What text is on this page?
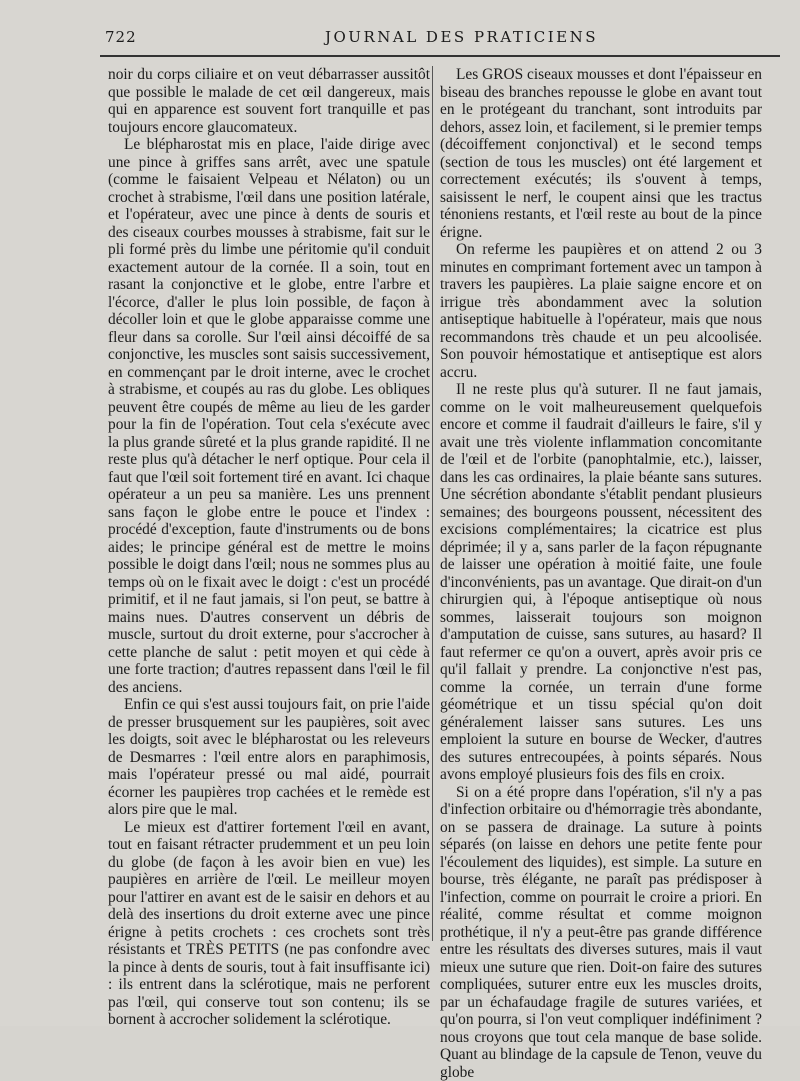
722	JOURNAL DES PRATICIENS

noir du corps ciliaire et on veut débarrasser aussitôt que possible le malade de cet œil dangereux, mais qui en apparence est souvent fort tranquille et pas toujours encore glaucomateux.

Le blépharostat mis en place, l'aide dirige avec une pince à griffes sans arrêt, avec une spatule (comme le faisaient Velpeau et Nélaton) ou un crochet à strabisme, l'œil dans une position latérale, et l'opérateur, avec une pince à dents de souris et des ciseaux courbes mousses à strabisme, fait sur le pli formé près du limbe une péritomie qu'il conduit exactement autour de la cornée. Il a soin, tout en rasant la conjonctive et le globe, entre l'arbre et l'écorce, d'aller le plus loin possible, de façon à décoller loin et que le globe apparaisse comme une fleur dans sa corolle. Sur l'œil ainsi décoiffé de sa conjonctive, les muscles sont saisis successivement, en commençant par le droit interne, avec le crochet à strabisme, et coupés au ras du globe. Les obliques peuvent être coupés de même au lieu de les garder pour la fin de l'opération. Tout cela s'exécute avec la plus grande sûreté et la plus grande rapidité. Il ne reste plus qu'à détacher le nerf optique. Pour cela il faut que l'œil soit fortement tiré en avant. Ici chaque opérateur a un peu sa manière. Les uns prennent sans façon le globe entre le pouce et l'index : procédé d'exception, faute d'instruments ou de bons aides; le principe général est de mettre le moins possible le doigt dans l'œil; nous ne sommes plus au temps où on le fixait avec le doigt : c'est un procédé primitif, et il ne faut jamais, si l'on peut, se battre à mains nues. D'autres conservent un débris de muscle, surtout du droit externe, pour s'accrocher à cette planche de salut : petit moyen et qui cède à une forte traction; d'autres repassent dans l'œil le fil des anciens.

Enfin ce qui s'est aussi toujours fait, on prie l'aide de presser brusquement sur les paupières, soit avec les doigts, soit avec le blépharostat ou les releveurs de Desmarres : l'œil entre alors en paraphimosis, mais l'opérateur pressé ou mal aidé, pourrait écorner les paupières trop cachées et le remède est alors pire que le mal.

Le mieux est d'attirer fortement l'œil en avant, tout en faisant rétracter prudemment et un peu loin du globe (de façon à les avoir bien en vue) les paupières en arrière de l'œil. Le meilleur moyen pour l'attirer en avant est de le saisir en dehors et au delà des insertions du droit externe avec une pince érigne à petits crochets : ces crochets sont très résistants et TRÈS PETITS (ne pas confondre avec la pince à dents de souris, tout à fait insuffisante ici) : ils entrent dans la sclérotique, mais ne perforent pas l'œil, qui conserve tout son contenu; ils se bornent à accrocher solidement la sclérotique.

Les GROS ciseaux mousses et dont l'épaisseur en biseau des branches repousse le globe en avant tout en le protégeant du tranchant, sont introduits par dehors, assez loin, et facilement, si le premier temps (décoiffement conjonctival) et le second temps (section de tous les muscles) ont été largement et correctement exécutés; ils s'ouvent à temps, saisissent le nerf, le coupent ainsi que les tractus ténoniens restants, et l'œil reste au bout de la pince érigne.

On referme les paupières et on attend 2 ou 3 minutes en comprimant fortement avec un tampon à travers les paupières. La plaie saigne encore et on irrigue très abondamment avec la solution antiseptique habituelle à l'opérateur, mais que nous recommandons très chaude et un peu alcoolisée. Son pouvoir hémostatique et antiseptique est alors accru.

Il ne reste plus qu'à suturer. Il ne faut jamais, comme on le voit malheureusement quelquefois encore et comme il faudrait d'ailleurs le faire, s'il y avait une très violente inflammation concomitante de l'œil et de l'orbite (panophtalmie, etc.), laisser, dans les cas ordinaires, la plaie béante sans sutures. Une sécrétion abondante s'établit pendant plusieurs semaines; des bourgeons poussent, nécessitent des excisions complémentaires; la cicatrice est plus déprimée; il y a, sans parler de la façon répugnante de laisser une opération à moitié faite, une foule d'inconvénients, pas un avantage. Que dirait-on d'un chirurgien qui, à l'époque antiseptique où nous sommes, laisserait toujours son moignon d'amputation de cuisse, sans sutures, au hasard? Il faut refermer ce qu'on a ouvert, après avoir pris ce qu'il fallait y prendre. La conjonctive n'est pas, comme la cornée, un terrain d'une forme géométrique et un tissu spécial qu'on doit généralement laisser sans sutures. Les uns emploient la suture en bourse de Wecker, d'autres des sutures entrecoupées, à points séparés. Nous avons employé plusieurs fois des fils en croix.

Si on a été propre dans l'opération, s'il n'y a pas d'infection orbitaire ou d'hémorragie très abondante, on se passera de drainage. La suture à points séparés (on laisse en dehors une petite fente pour l'écoulement des liquides), est simple. La suture en bourse, très élégante, ne paraît pas prédisposer à l'infection, comme on pourrait le croire a priori. En réalité, comme résultat et comme moignon prothétique, il n'y a peut-être pas grande différence entre les résultats des diverses sutures, mais il vaut mieux une suture que rien. Doit-on faire des sutures compliquées, suturer entre eux les muscles droits, par un échafaudage fragile de sutures variées, et qu'on pourra, si l'on veut compliquer indéfiniment ? nous croyons que tout cela manque de base solide. Quant au blindage de la capsule de Tenon, veuve du globe
